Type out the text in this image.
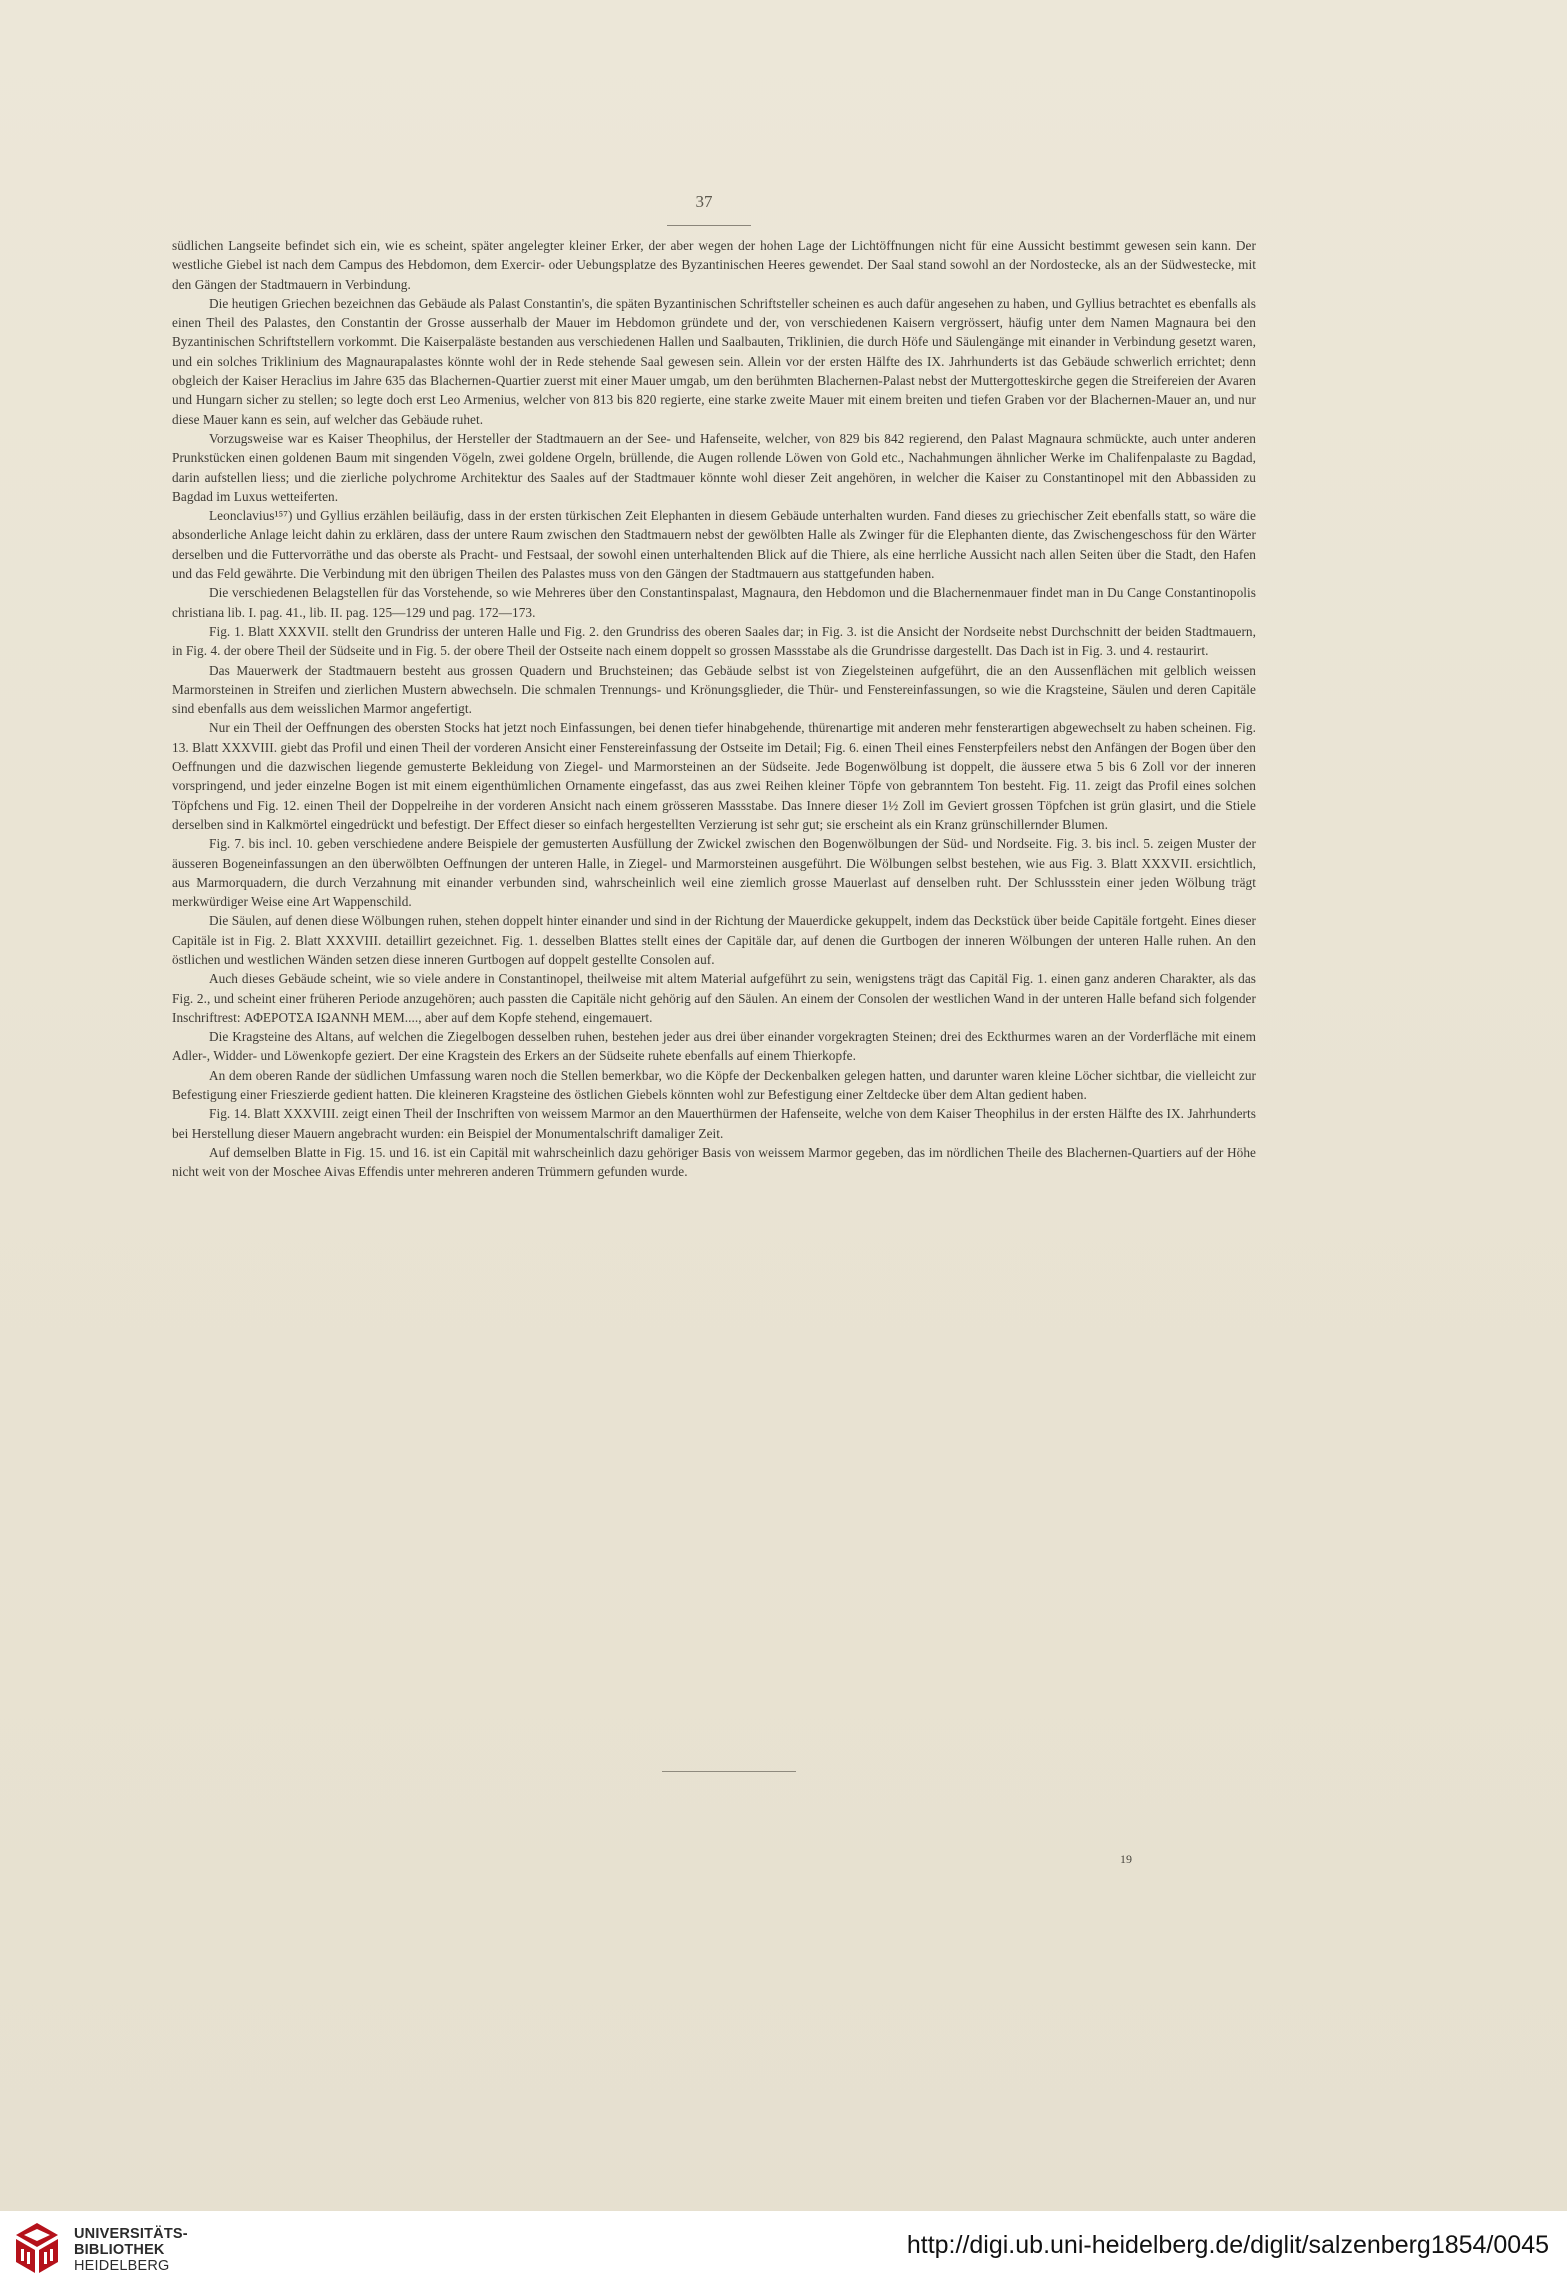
37

südlichen Langseite befindet sich ein, wie es scheint, später angelegter kleiner Erker, der aber wegen der hohen Lage der Lichtöffnungen nicht für eine Aussicht bestimmt gewesen sein kann. Der westliche Giebel ist nach dem Campus des Hebdomon, dem Exercir- oder Uebungsplatze des Byzantinischen Heeres gewendet. Der Saal stand sowohl an der Nordostecke, als an der Südwestecke, mit den Gängen der Stadtmauern in Verbindung.

Die heutigen Griechen bezeichnen das Gebäude als Palast Constantin's, die späten Byzantinischen Schriftsteller scheinen es auch dafür angesehen zu haben, und Gyllius betrachtet es ebenfalls als einen Theil des Palastes, den Constantin der Grosse ausserhalb der Mauer im Hebdomon gründete und der, von verschiedenen Kaisern vergrössert, häufig unter dem Namen Magnaura bei den Byzantinischen Schriftstellern vorkommt. Die Kaiserpaläste bestanden aus verschiedenen Hallen und Saalbauten, Triklinien, die durch Höfe und Säulengänge mit einander in Verbindung gesetzt waren, und ein solches Triklinium des Magnaurapalastes könnte wohl der in Rede stehende Saal gewesen sein. Allein vor der ersten Hälfte des IX. Jahrhunderts ist das Gebäude schwerlich errichtet; denn obgleich der Kaiser Heraclius im Jahre 635 das Blachernen-Quartier zuerst mit einer Mauer umgab, um den berühmten Blachernen-Palast nebst der Muttergotteskirche gegen die Streifereien der Avaren und Hungarn sicher zu stellen; so legte doch erst Leo Armenius, welcher von 813 bis 820 regierte, eine starke zweite Mauer mit einem breiten und tiefen Graben vor der Blachernen-Mauer an, und nur diese Mauer kann es sein, auf welcher das Gebäude ruhet.

Vorzugsweise war es Kaiser Theophilus, der Hersteller der Stadtmauern an der See- und Hafenseite, welcher, von 829 bis 842 regierend, den Palast Magnaura schmückte, auch unter anderen Prunkstücken einen goldenen Baum mit singenden Vögeln, zwei goldene Orgeln, brüllende, die Augen rollende Löwen von Gold etc., Nachahmungen ähnlicher Werke im Chalifenpalaste zu Bagdad, darin aufstellen liess; und die zierliche polychrome Architektur des Saales auf der Stadtmauer könnte wohl dieser Zeit angehören, in welcher die Kaiser zu Constantinopel mit den Abbassiden zu Bagdad im Luxus wetteiferten.

Leonclavius¹⁵⁷) und Gyllius erzählen beiläufig, dass in der ersten türkischen Zeit Elephanten in diesem Gebäude unterhalten wurden. Fand dieses zu griechischer Zeit ebenfalls statt, so wäre die absonderliche Anlage leicht dahin zu erklären, dass der untere Raum zwischen den Stadtmauern nebst der gewölbten Halle als Zwinger für die Elephanten diente, das Zwischengeschoss für den Wärter derselben und die Futtervorräthe und das oberste als Pracht- und Festsaal, der sowohl einen unterhaltenden Blick auf die Thiere, als eine herrliche Aussicht nach allen Seiten über die Stadt, den Hafen und das Feld gewährte. Die Verbindung mit den übrigen Theilen des Palastes muss von den Gängen der Stadtmauern aus stattgefunden haben.

Die verschiedenen Belagstellen für das Vorstehende, so wie Mehreres über den Constantinspalast, Magnaura, den Hebdomon und die Blachernenmauer findet man in Du Cange Constantinopolis christiana lib. I. pag. 41., lib. II. pag. 125—129 und pag. 172—173.

Fig. 1. Blatt XXXVII. stellt den Grundriss der unteren Halle und Fig. 2. den Grundriss des oberen Saales dar; in Fig. 3. ist die Ansicht der Nordseite nebst Durchschnitt der beiden Stadtmauern, in Fig. 4. der obere Theil der Südseite und in Fig. 5. der obere Theil der Ostseite nach einem doppelt so grossen Massstabe als die Grundrisse dargestellt. Das Dach ist in Fig. 3. und 4. restaurirt.

Das Mauerwerk der Stadtmauern besteht aus grossen Quadern und Bruchsteinen; das Gebäude selbst ist von Ziegelsteinen aufgeführt, die an den Aussenflächen mit gelblich weissen Marmorsteinen in Streifen und zierlichen Mustern abwechseln. Die schmalen Trennungs- und Krönungsglieder, die Thür- und Fenstereinfassungen, so wie die Kragsteine, Säulen und deren Capitäle sind ebenfalls aus dem weisslichen Marmor angefertigt.

Nur ein Theil der Oeffnungen des obersten Stocks hat jetzt noch Einfassungen, bei denen tiefer hinabgehende, thürenartige mit anderen mehr fensterartigen abgewechselt zu haben scheinen. Fig. 13. Blatt XXXVIII. giebt das Profil und einen Theil der vorderen Ansicht einer Fenstereinfassung der Ostseite im Detail; Fig. 6. einen Theil eines Fensterpfeilers nebst den Anfängen der Bogen über den Oeffnungen und die dazwischen liegende gemusterte Bekleidung von Ziegel- und Marmorsteinen an der Südseite. Jede Bogenwölbung ist doppelt, die äussere etwa 5 bis 6 Zoll vor der inneren vorspringend, und jeder einzelne Bogen ist mit einem eigenthümlichen Ornamente eingefasst, das aus zwei Reihen kleiner Töpfe von gebranntem Ton besteht. Fig. 11. zeigt das Profil eines solchen Töpfchens und Fig. 12. einen Theil der Doppelreihe in der vorderen Ansicht nach einem grösseren Massstabe. Das Innere dieser 1½ Zoll im Geviert grossen Töpfchen ist grün glasirt, und die Stiele derselben sind in Kalkmörtel eingedrückt und befestigt. Der Effect dieser so einfach hergestellten Verzierung ist sehr gut; sie erscheint als ein Kranz grünschillernder Blumen.

Fig. 7. bis incl. 10. geben verschiedene andere Beispiele der gemusterten Ausfüllung der Zwickel zwischen den Bogenwölbungen der Süd- und Nordseite. Fig. 3. bis incl. 5. zeigen Muster der äusseren Bogeneinfassungen an den überwölbten Oeffnungen der unteren Halle, in Ziegel- und Marmorsteinen ausgeführt. Die Wölbungen selbst bestehen, wie aus Fig. 3. Blatt XXXVII. ersichtlich, aus Marmorquadern, die durch Verzahnung mit einander verbunden sind, wahrscheinlich weil eine ziemlich grosse Mauerlast auf denselben ruht. Der Schlussstein einer jeden Wölbung trägt merkwürdiger Weise eine Art Wappenschild.

Die Säulen, auf denen diese Wölbungen ruhen, stehen doppelt hinter einander und sind in der Richtung der Mauerdicke gekuppelt, indem das Deckstück über beide Capitäle fortgeht. Eines dieser Capitäle ist in Fig. 2. Blatt XXXVIII. detaillirt gezeichnet. Fig. 1. desselben Blattes stellt eines der Capitäle dar, auf denen die Gurtbogen der inneren Wölbungen der unteren Halle ruhen. An den östlichen und westlichen Wänden setzen diese inneren Gurtbogen auf doppelt gestellte Consolen auf.

Auch dieses Gebäude scheint, wie so viele andere in Constantinopel, theilweise mit altem Material aufgeführt zu sein, wenigstens trägt das Capitäl Fig. 1. einen ganz anderen Charakter, als das Fig. 2., und scheint einer früheren Periode anzugehören; auch passten die Capitäle nicht gehörig auf den Säulen. An einem der Consolen der westlichen Wand in der unteren Halle befand sich folgender Inschriftrest: ΑΦΕΡΟΤΣΑ ΙΩΑΝΝΗ ΜΕΜ...., aber auf dem Kopfe stehend, eingemauert.

Die Kragsteine des Altans, auf welchen die Ziegelbogen desselben ruhen, bestehen jeder aus drei über einander vorgekragten Steinen; drei des Eckthurmes waren an der Vorderfläche mit einem Adler-, Widder- und Löwenkopfe geziert. Der eine Kragstein des Erkers an der Südseite ruhete ebenfalls auf einem Thierkopfe.

An dem oberen Rande der südlichen Umfassung waren noch die Stellen bemerkbar, wo die Köpfe der Deckenbalken gelegen hatten, und darunter waren kleine Löcher sichtbar, die vielleicht zur Befestigung einer Frieszierde gedient hatten. Die kleineren Kragsteine des östlichen Giebels könnten wohl zur Befestigung einer Zeltdecke über dem Altan gedient haben.

Fig. 14. Blatt XXXVIII. zeigt einen Theil der Inschriften von weissem Marmor an den Mauerthürmen der Hafenseite, welche von dem Kaiser Theophilus in der ersten Hälfte des IX. Jahrhunderts bei Herstellung dieser Mauern angebracht wurden: ein Beispiel der Monumentalschrift damaliger Zeit.

Auf demselben Blatte in Fig. 15. und 16. ist ein Capitäl mit wahrscheinlich dazu gehöriger Basis von weissem Marmor gegeben, das im nördlichen Theile des Blachernen-Quartiers auf der Höhe nicht weit von der Moschee Aivas Effendis unter mehreren anderen Trümmern gefunden wurde.

19
UNIVERSITÄTS-
BIBLIOTHEK
HEIDELBERG
http://digi.ub.uni-heidelberg.de/diglit/salzenberg1854/0045
